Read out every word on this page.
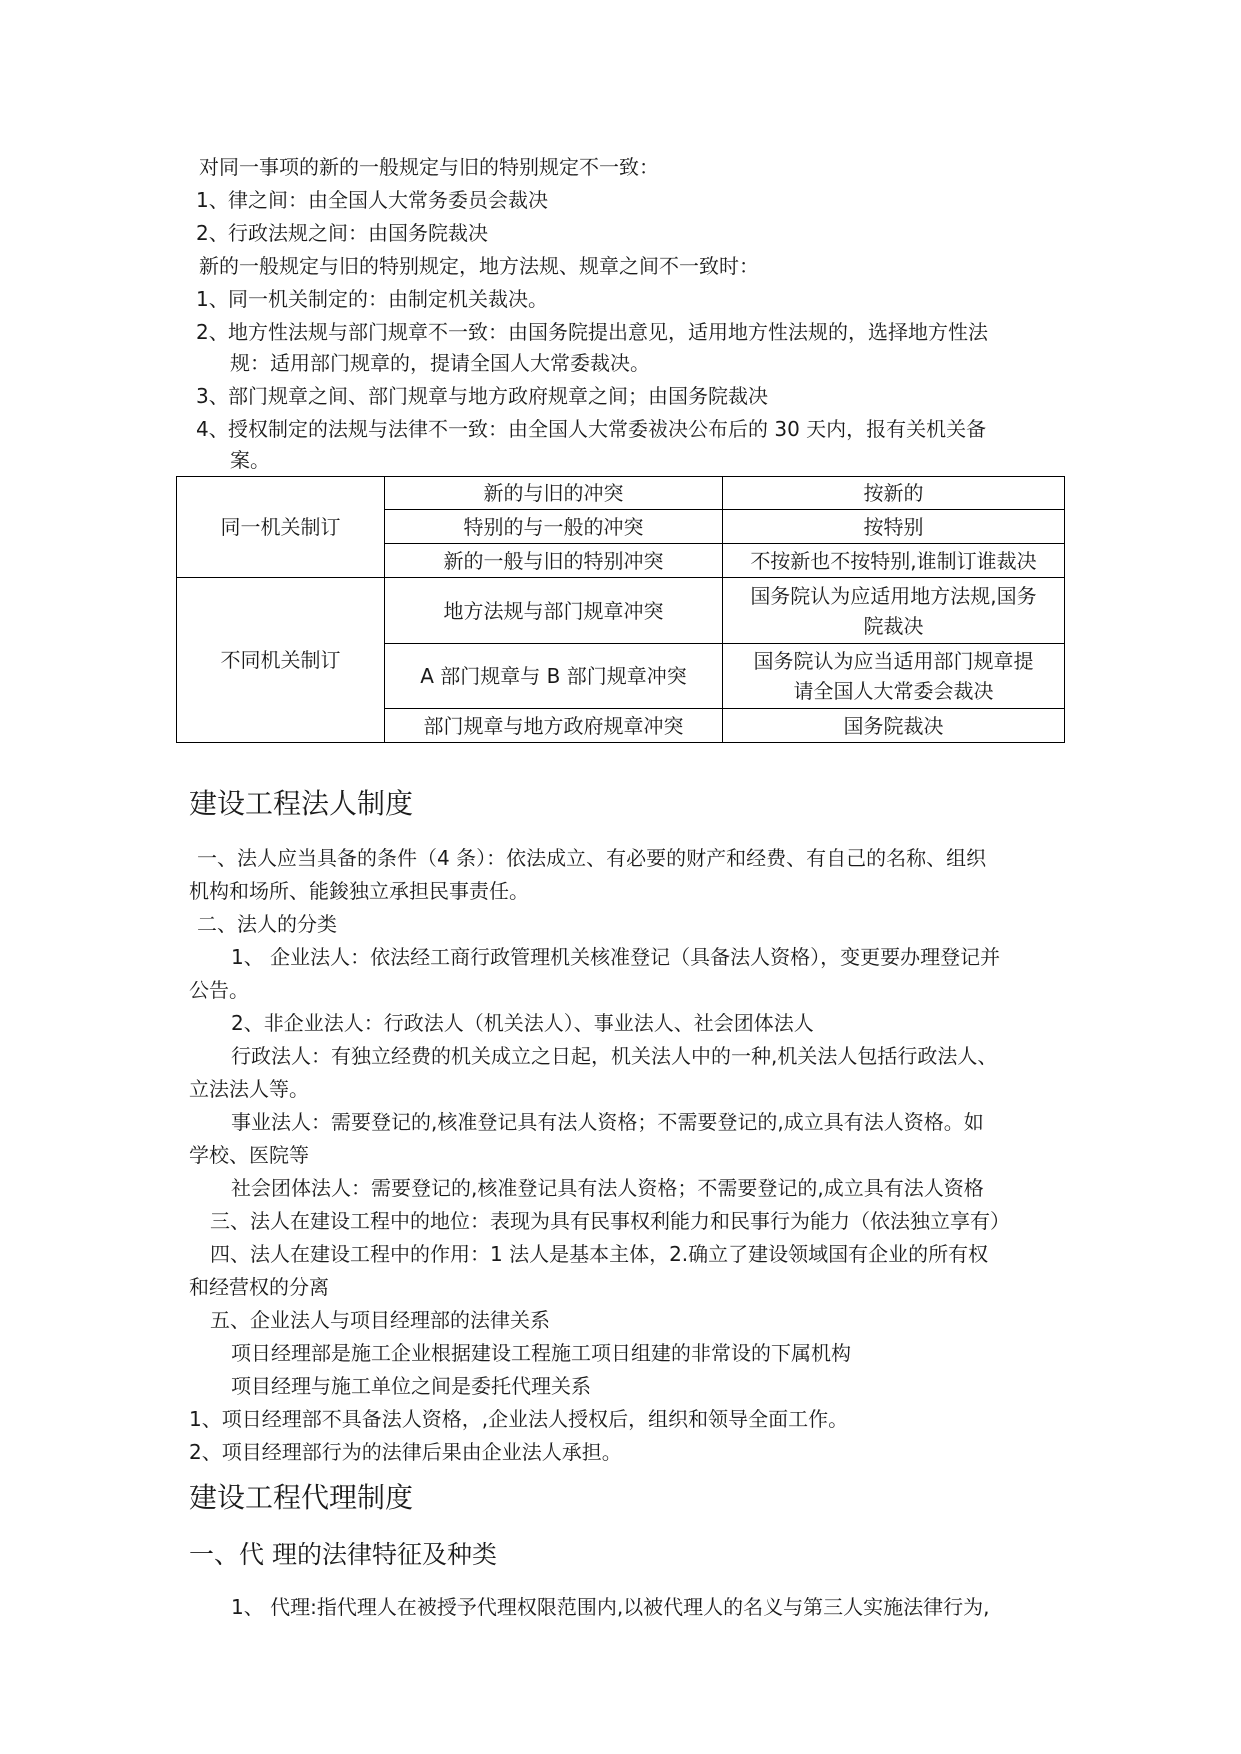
对同一事项的新的一般规定与旧的特别规定不一致：
1、律之间：由全国人大常务委员会裁决
2、行政法规之间：由国务院裁决
新的一般规定与旧的特别规定，地方法规、规章之间不一致时：
1、同一机关制定的：由制定机关裁决。
2、地方性法规与部门规章不一致：由国务院提出意见，适用地方性法规的，选择地方性法
规：适用部门规章的，提请全国人大常委裁决。
3、部门规章之间、部门规章与地方政府规章之间；由国务院裁决
4、授权制定的法规与法律不一致：由全国人大常委祓决公布后的 30 天内，报有关机关备
案。
同一机关制订	新的与旧的冲突	按新的
	特别的与一般的冲突	按特别
	新的一般与旧的特别冲突	不按新也不按特别,谁制订谁裁决
不同机关制订	地方法规与部门规章冲突	国务院认为应适用地方法规,国务
院裁决

	A 部门规章与 B 部门规章冲突	国务院认为应当适用部门规章提
请全国人大常委会裁决

	部门规章与地方政府规章冲突	国务院裁决
建设工程法人制度
一、法人应当具备的条件（4 条）：依法成立、有必要的财产和经费、有自己的名称、组织
机构和场所、能鋑独立承担民事责任。
二、法人的分类
1、 企业法人：依法经工商行政管理机关核准登记（具备法人资格），变更要办理登记并
公告。
2、非企业法人：行政法人（机关法人）、事业法人、社会团体法人
行政法人：有独立经费的机关成立之日起，机关法人中的一种,机关法人包括行政法人、
立法法人等。
事业法人：需要登记的,核准登记具有法人资格；不需要登记的,成立具有法人资格。如
学校、医院等
社会团体法人：需要登记的,核准登记具有法人资格；不需要登记的,成立具有法人资格
三、法人在建设工程中的地位：表现为具有民事权利能力和民事行为能力（依法独立享有）
四、法人在建设工程中的作用：1 法人是基本主体，2.确立了建设领域国有企业的所有权
和经营权的分离
五、企业法人与项目经理部的法律关系
项日经理部是施工企业根据建设工程施工项日组建的非常设的下属机构
项目经理与施工单位之间是委托代理关系
1、项日经理部不具备法人资格，,企业法人授权后，组织和领导全面工作。
2、项目经理部行为的法律后果由企业法人承担。
建设工程代理制度
一、代 理的法律特征及种类
1、 代理:指代理人在被授予代理权限范围内,以被代理人的名义与第三人实施法律行为,
